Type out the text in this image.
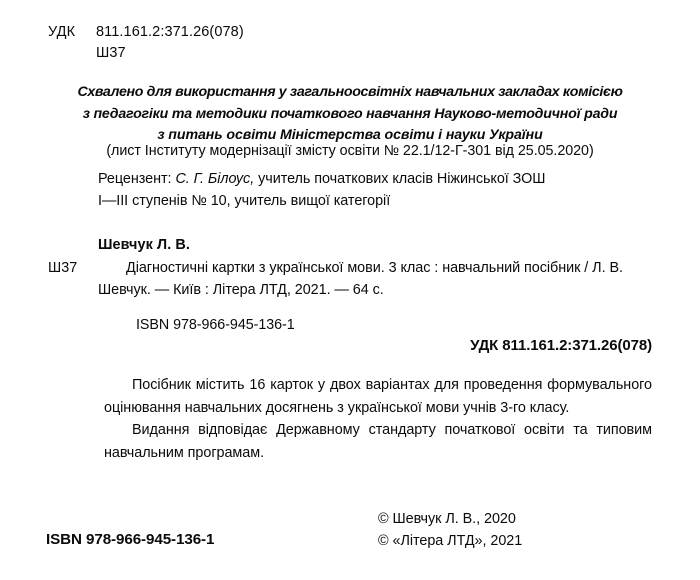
УДК	811.161.2:371.26(078)
Ш37
Схвалено для використання у загальноосвітніх навчальних закладах комісією
з педагогіки та методики початкового навчання Науково-методичної ради
з питань освіти Міністерства освіти і науки України
(лист Інституту модернізації змісту освіти № 22.1/12-Г-301 від 25.05.2020)
Рецензент: С. Г. Білоус, учитель початкових класів Ніжинської ЗОШ
І—ІІІ ступенів № 10, учитель вищої категорії
Шевчук Л. В.
Ш37	Діагностичні картки з української мови. 3 клас : навчальний посібник / Л. В. Шевчук. — Київ : Літера ЛТД, 2021. — 64 с.
ISBN 978-966-945-136-1
УДК 811.161.2:371.26(078)

Посібник містить 16 карток у двох варіантах для проведення формувального оцінювання навчальних досягнень з української мови учнів 3-го класу.

Видання відповідає Державному стандарту початкової освіти та типовим навчальним програмам.

© Шевчук Л. В., 2020
© «Літера ЛТД», 2021
ISBN 978-966-945-136-1
